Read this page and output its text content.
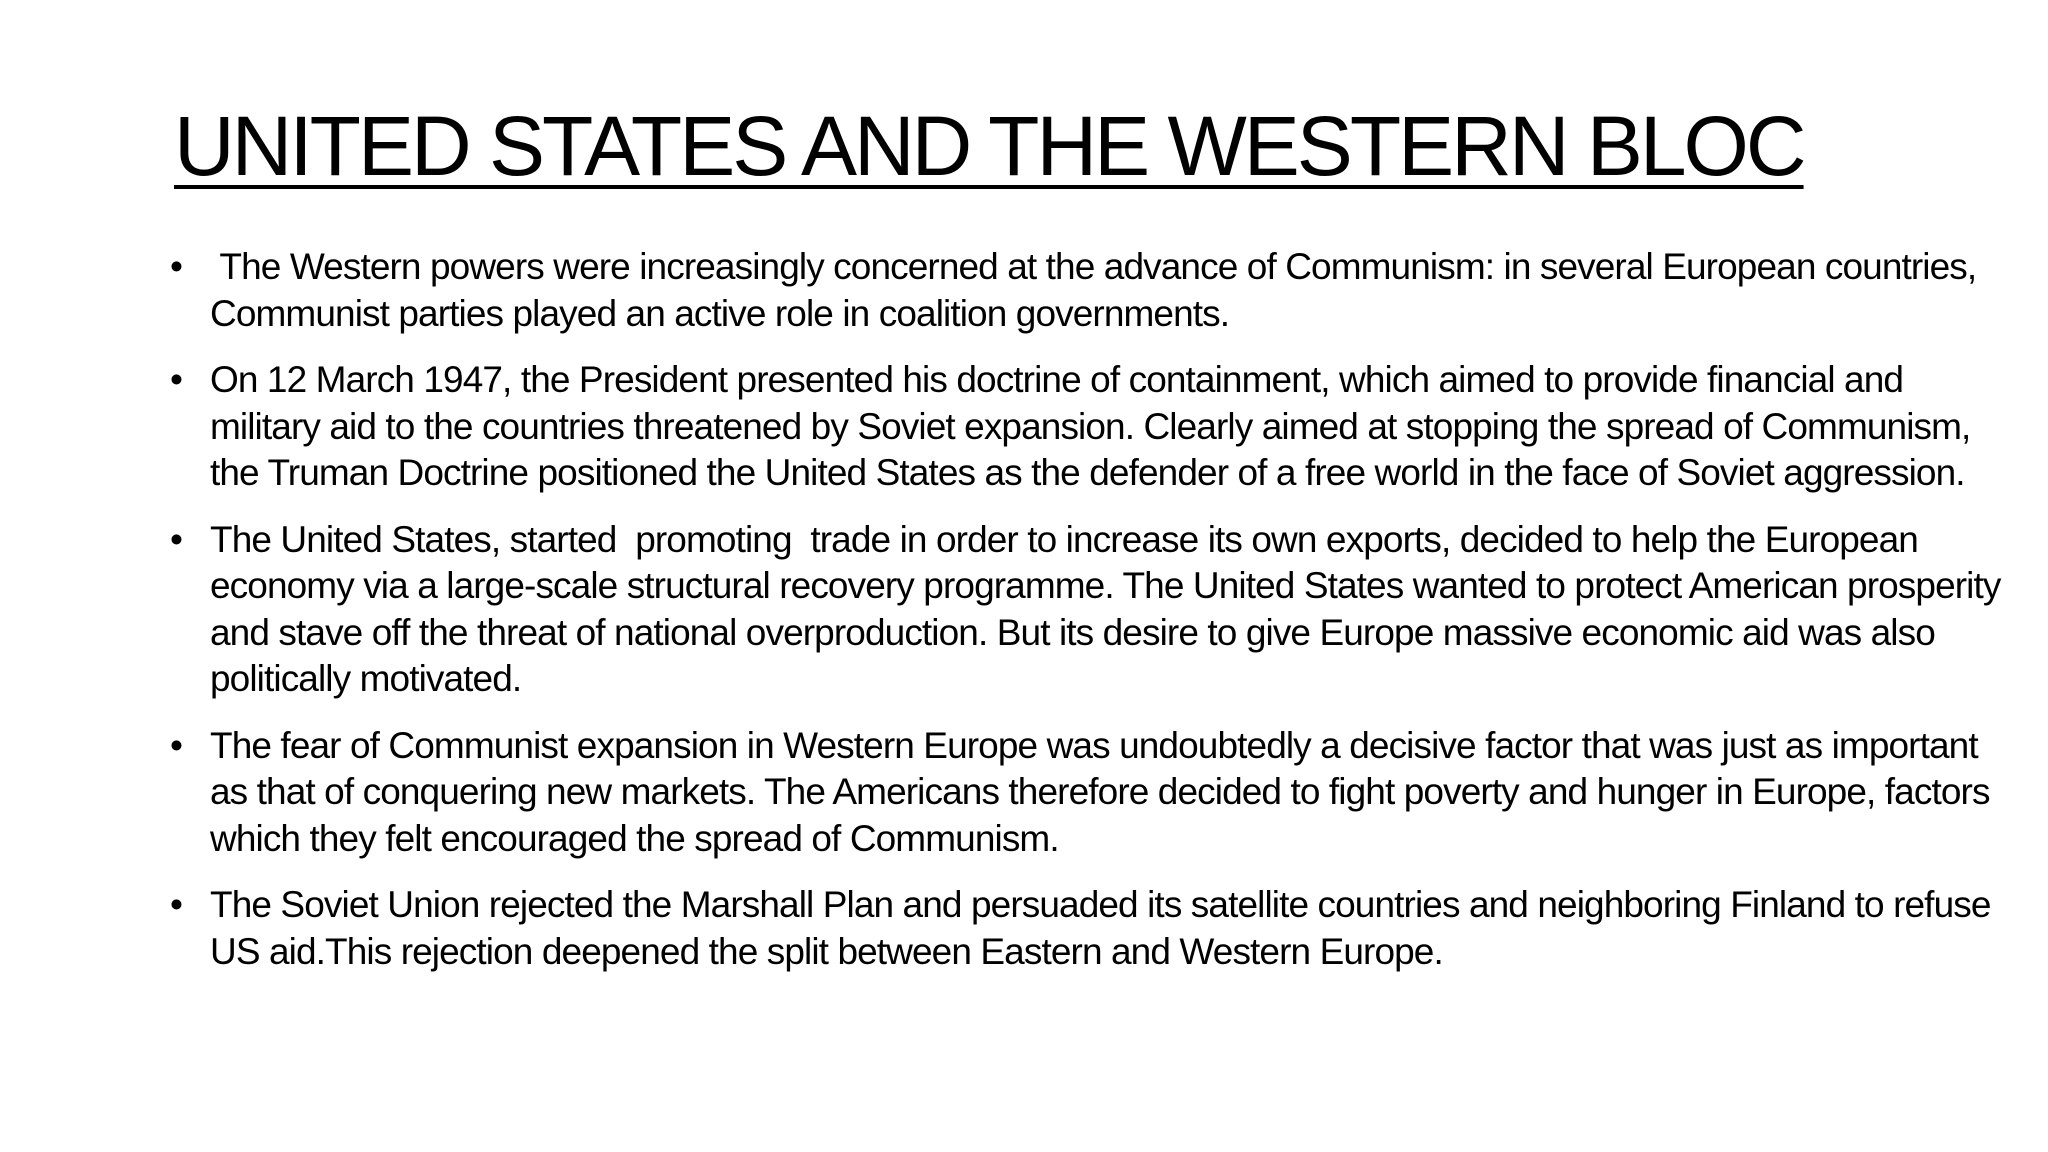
UNITED STATES AND THE WESTERN BLOC
• The Western powers were increasingly concerned at the advance of Communism: in several European countries, Communist parties played an active role in coalition governments.
• On 12 March 1947, the President presented his doctrine of containment, which aimed to provide financial and military aid to the countries threatened by Soviet expansion. Clearly aimed at stopping the spread of Communism, the Truman Doctrine positioned the United States as the defender of a free world in the face of Soviet aggression.
• The United States, started  promoting  trade in order to increase its own exports, decided to help the European economy via a large-scale structural recovery programme. The United States wanted to protect American prosperity and stave off the threat of national overproduction. But its desire to give Europe massive economic aid was also politically motivated.
• The fear of Communist expansion in Western Europe was undoubtedly a decisive factor that was just as important as that of conquering new markets. The Americans therefore decided to fight poverty and hunger in Europe, factors which they felt encouraged the spread of Communism.
• The Soviet Union rejected the Marshall Plan and persuaded its satellite countries and neighboring Finland to refuse US aid.This rejection deepened the split between Eastern and Western Europe.
